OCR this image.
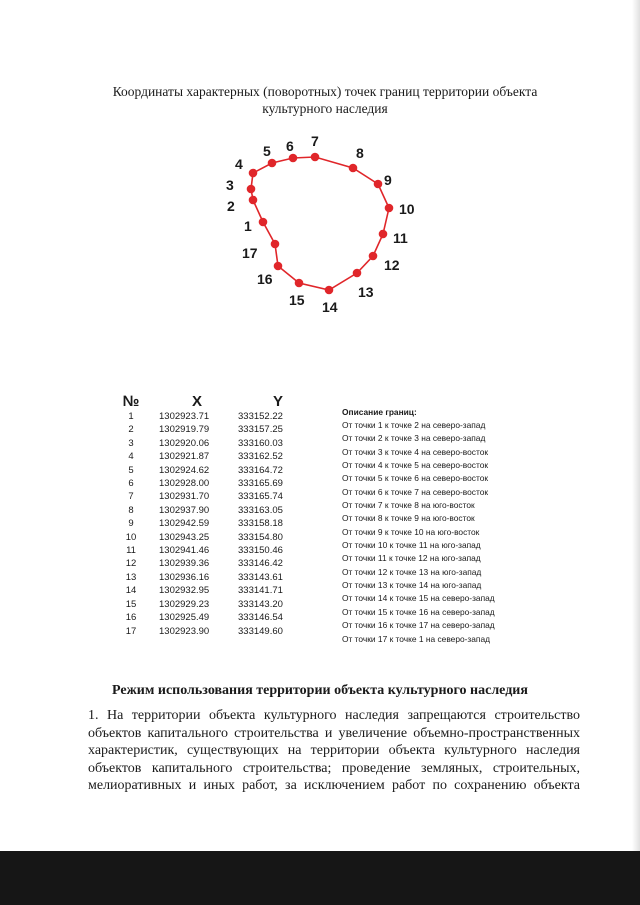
Координаты характерных (поворотных) точек границ территории объекта
культурного наследия
1
2
3
4
5 6 7
8
9
10
11
12
13
14
15
16
17
№	X	Y
1	1302923.71	333152.22
2	1302919.79	333157.25
3	1302920.06	333160.03
4	1302921.87	333162.52
5	1302924.62	333164.72
6	1302928.00	333165.69
7	1302931.70	333165.74
8	1302937.90	333163.05
9	1302942.59	333158.18
10	1302943.25	333154.80
11	1302941.46	333150.46
12	1302939.36	333146.42
13	1302936.16	333143.61
14	1302932.95	333141.71
15	1302929.23	333143.20
16	1302925.49	333146.54
17	1302923.90	333149.60
Описание границ:
От точки 1 к точке 2 на северо-запад
От точки 2 к точке 3 на северо-запад
От точки 3 к точке 4 на северо-восток
От точки 4 к точке 5 на северо-восток
От точки 5 к точке 6 на северо-восток
От точки 6 к точке 7 на северо-восток
От точки 7 к точке 8 на юго-восток
От точки 8 к точке 9 на юго-восток
От точки 9 к точке 10 на юго-восток
От точки 10 к точке 11 на юго-запад
От точки 11 к точке 12 на юго-запад
От точки 12 к точке 13 на юго-запад
От точки 13 к точке 14 на юго-запад
От точки 14 к точке 15 на северо-запад
От точки 15 к точке 16 на северо-запад
От точки 16 к точке 17 на северо-запад
От точки 17 к точке 1 на северо-запад
Режим использования территории объекта культурного наследия
1. На территории объекта культурного наследия запрещаются строительство объектов капитального строительства и увеличение объемно-пространственных характеристик, существующих на территории объекта культурного наследия объектов капитального строительства; проведение земляных, строительных, мелиоративных и иных работ, за исключением работ по сохранению объекта
